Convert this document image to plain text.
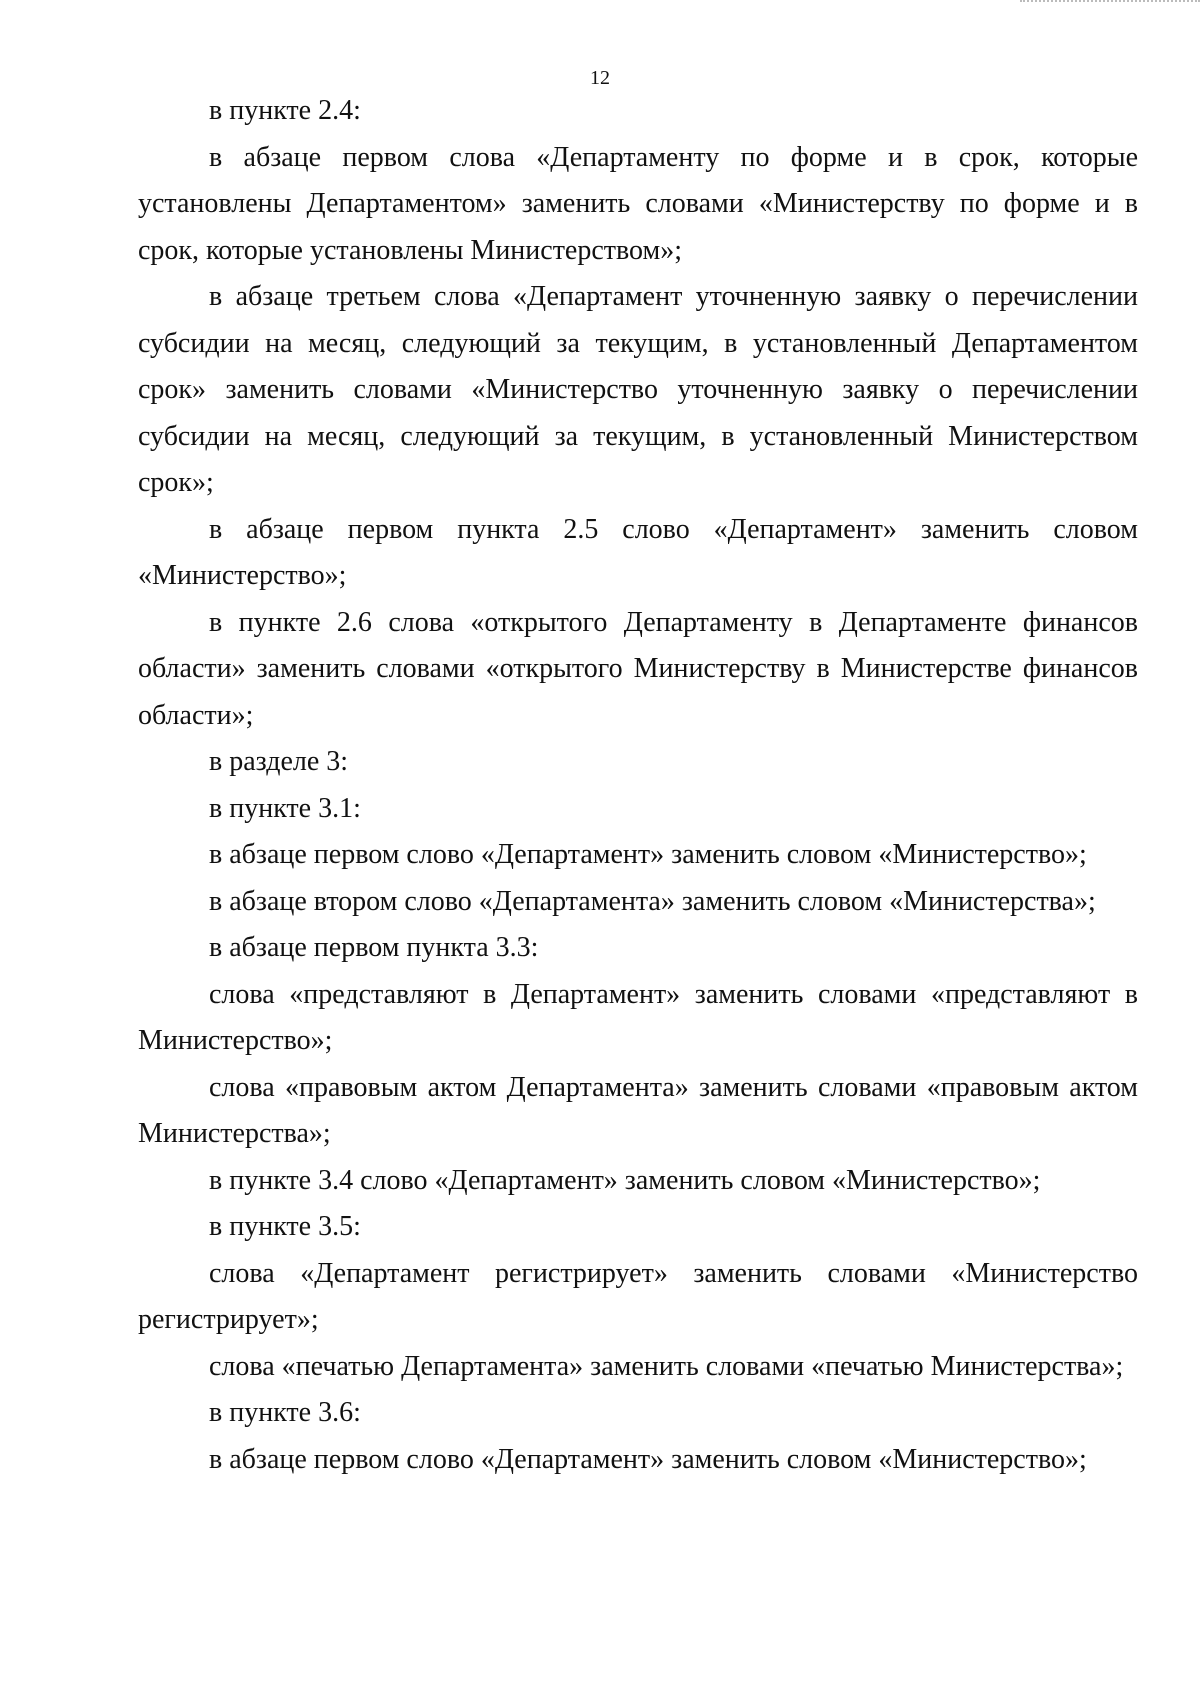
12

в пункте 2.4:

в абзаце первом слова «Департаменту по форме и в срок, которые установлены Департаментом» заменить словами «Министерству по форме и в срок, которые установлены Министерством»;

в абзаце третьем слова «Департамент уточненную заявку о перечислении субсидии на месяц, следующий за текущим, в установленный Департаментом срок» заменить словами «Министерство уточненную заявку о перечислении субсидии на месяц, следующий за текущим, в установленный Министерством срок»;

в абзаце первом пункта 2.5 слово «Департамент» заменить словом «Министерство»;

в пункте 2.6 слова «открытого Департаменту в Департаменте финансов области» заменить словами «открытого Министерству в Министерстве финансов области»;

в разделе 3:

в пункте 3.1:

в абзаце первом слово «Департамент» заменить словом «Министерство»;

в абзаце втором слово «Департамента» заменить словом «Министерства»;

в абзаце первом пункта 3.3:

слова «представляют в Департамент» заменить словами «представляют в Министерство»;

слова «правовым актом Департамента» заменить словами «правовым актом Министерства»;

в пункте 3.4 слово «Департамент» заменить словом «Министерство»;

в пункте 3.5:

слова «Департамент регистрирует» заменить словами «Министерство регистрирует»;

слова «печатью Департамента» заменить словами «печатью Министерства»;

в пункте 3.6:

в абзаце первом слово «Департамент» заменить словом «Министерство»;
